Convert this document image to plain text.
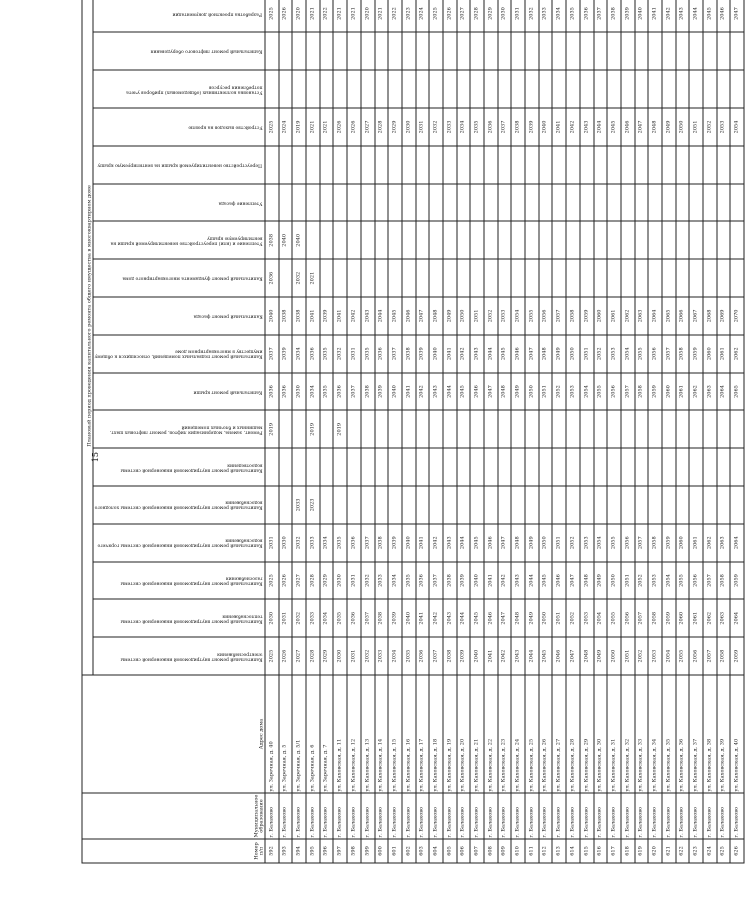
15
Номер п/п	Муниципальное образование	Адрес дома	Плановый период проведения капитального ремонта общего имущества в многоквартирном доме																		
			Капитальный ремонт внутридомовой инженерной системы электроснабжения	Капитальный ремонт внутридомовой инженерной системы теплоснабжения	Капитальный ремонт внутридомовой инженерной системы газоснабжения	Капитальный ремонт внутридомовой инженерной системы горячего водоснабжения	Капитальный ремонт внутридомовой инженерной системы холодного водоснабжения	Капитальный ремонт внутридомовой инженерной системы водоотведения	Ремонт, замена, модернизация лифтов, ремонт лифтовых шахт, машинных и блочных помещений	Капитальный ремонт крыши	Капитальный ремонт подвальных помещений, относящихся к общему имуществу в многоквартирном доме	Капитальный ремонт фасада	Капитальный ремонт фундамента многоквартирного дома	Утепление и (или) переустройство невентилируемой крыши на вентилируемую крышу	Утепление фасада	Переустройство невентилируемой крыши на вентилируемую крышу	Устройство выходов на кровлю	Установка коллективных (общедомовых) приборов учета потребления ресурсов	Капитальный ремонт лифтового оборудования	Разработка проектной документации	
592	г. Балаково	ул. Заречная, д. 40	2025	2030	2025	2031			2019	2036	2037	2040	2036	2038			2025			2025	
593	г. Балаково	ул. Заречная, д. 5	2026	2031	2026	2030				2036	2039	2038		2040			2024			2026	
594	г. Балаково	ул. Заречная, д. 5/1	2027	2032	2027	2032	2033			2030	2034	2038	2032	2040			2019			2020	
595	г. Балаково	ул. Заречная, д. 6	2028	2033	2028	2033	2023		2019	2034	2036	2041	2021				2021			2021	
596	г. Балаково	ул. Заречная, д. 7	2029	2034	2029	2034				2035	2035	2039					2021			2022	
597	г. Балаково	ул. Каховская, д. 11	2030	2035	2030	2035			2019	2036	2032	2041					2026			2021	
598	г. Балаково	ул. Каховская, д. 12	2031	2036	2031	2036				2037	2031	2042					2026			2021	
599	г. Балаково	ул. Каховская, д. 13	2032	2037	2032	2037				2038	2035	2043					2027			2020	
600	г. Балаково	ул. Каховская, д. 14	2033	2038	2033	2038				2039	2036	2044					2028			2021	
601	г. Балаково	ул. Каховская, д. 15	2034	2039	2034	2039				2040	2037	2045					2029			2022	
602	г. Балаково	ул. Каховская, д. 16	2035	2040	2035	2040				2041	2038	2046					2030			2023	
603	г. Балаково	ул. Каховская, д. 17	2036	2041	2036	2041				2042	2039	2047					2031			2024	
604	г. Балаково	ул. Каховская, д. 18	2037	2042	2037	2042				2043	2040	2048					2032			2025	
605	г. Балаково	ул. Каховская, д. 19	2038	2043	2038	2043				2044	2041	2049					2033			2026	
606	г. Балаково	ул. Каховская, д. 20	2039	2044	2039	2044				2045	2042	2050					2034			2027	
607	г. Балаково	ул. Каховская, д. 21	2040	2045	2040	2045				2046	2043	2051					2035			2028	
608	г. Балаково	ул. Каховская, д. 22	2041	2046	2041	2046				2047	2044	2052					2036			2029	
609	г. Балаково	ул. Каховская, д. 23	2042	2047	2042	2047				2048	2045	2053					2037			2030	
610	г. Балаково	ул. Каховская, д. 24	2043	2048	2043	2048				2049	2046	2054					2038			2031	
611	г. Балаково	ул. Каховская, д. 25	2044	2049	2044	2049				2050	2047	2055					2039			2032	
612	г. Балаково	ул. Каховская, д. 26	2045	2050	2045	2050				2051	2048	2056					2040			2033	
613	г. Балаково	ул. Каховская, д. 27	2046	2051	2046	2051				2052	2049	2057					2041			2034	
614	г. Балаково	ул. Каховская, д. 28	2047	2052	2047	2052				2053	2050	2058					2042			2035	
615	г. Балаково	ул. Каховская, д. 29	2048	2053	2048	2053				2054	2051	2059					2043			2036	
616	г. Балаково	ул. Каховская, д. 30	2049	2054	2049	2054				2055	2052	2060					2044			2037	
617	г. Балаково	ул. Каховская, д. 31	2050	2055	2050	2055				2056	2053	2061					2045			2038	
618	г. Балаково	ул. Каховская, д. 32	2051	2056	2051	2056				2057	2054	2062					2046			2039	
619	г. Балаково	ул. Каховская, д. 33	2052	2057	2052	2057				2058	2055	2063					2047			2040	
620	г. Балаково	ул. Каховская, д. 34	2053	2058	2053	2058				2059	2056	2064					2048			2041	
621	г. Балаково	ул. Каховская, д. 35	2054	2059	2054	2059				2060	2057	2065					2049			2042	
622	г. Балаково	ул. Каховская, д. 36	2055	2060	2055	2060				2061	2058	2066					2050			2043	
623	г. Балаково	ул. Каховская, д. 37	2056	2061	2056	2061				2062	2059	2067					2051			2044	
624	г. Балаково	ул. Каховская, д. 38	2057	2062	2057	2062				2063	2060	2068					2052			2045	
625	г. Балаково	ул. Каховская, д. 39	2058	2063	2058	2063				2064	2061	2069					2053			2046	
626	г. Балаково	ул. Каховская, д. 40	2059	2064	2059	2064				2065	2062	2070					2054			2047	
